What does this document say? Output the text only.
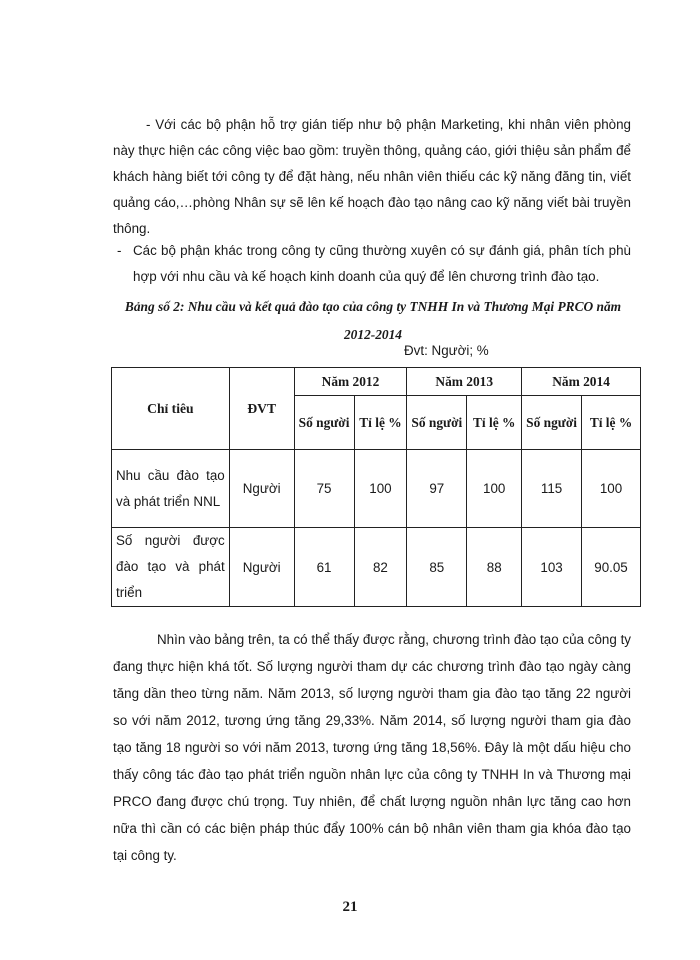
- Với các bộ phận hỗ trợ gián tiếp như bộ phận Marketing, khi nhân viên phòng này thực hiện các công việc bao gồm: truyền thông, quảng cáo, giới thiệu sản phẩm để khách hàng biết tới công ty để đặt hàng, nếu nhân viên thiếu các kỹ năng đăng tin, viết quảng cáo,…phòng Nhân sự sẽ lên kế hoạch đào tạo nâng cao kỹ năng viết bài truyền thông.
- Các bộ phận khác trong công ty cũng thường xuyên có sự đánh giá, phân tích phù hợp với nhu cầu và kế hoạch kinh doanh của quý để lên chương trình đào tạo.
Bảng số 2: Nhu cầu và kết quả đào tạo của công ty TNHH In và Thương Mại PRCO năm 2012-2014
Đvt: Người; %
Chỉ tiêu	ĐVT	Năm 2012		Năm 2013		Năm 2014	
		Số người	Tỉ lệ %	Số người	Tỉ lệ %	Số người	Tỉ lệ %
Nhu cầu đào tạo và phát triển NNL	Người	75	100	97	100	115	100
Số người được đào tạo và phát triển	Người	61	82	85	88	103	90.05
Nhìn vào bảng trên, ta có thể thấy được rằng, chương trình đào tạo của công ty đang thực hiện khá tốt. Số lượng người tham dự các chương trình đào tạo ngày càng tăng dần theo từng năm. Năm 2013, số lượng người tham gia đào tạo tăng 22 người so với năm 2012, tương ứng tăng 29,33%. Năm 2014, số lượng người tham gia đào tạo tăng 18 người so với năm 2013, tương ứng tăng 18,56%. Đây là một dấu hiệu cho thấy công tác đào tạo phát triển nguồn nhân lực của công ty TNHH In và Thương mại PRCO đang được chú trọng. Tuy nhiên, để chất lượng nguồn nhân lực tăng cao hơn nữa thì cần có các biện pháp thúc đẩy 100% cán bộ nhân viên tham gia khóa đào tạo tại công ty.
21
